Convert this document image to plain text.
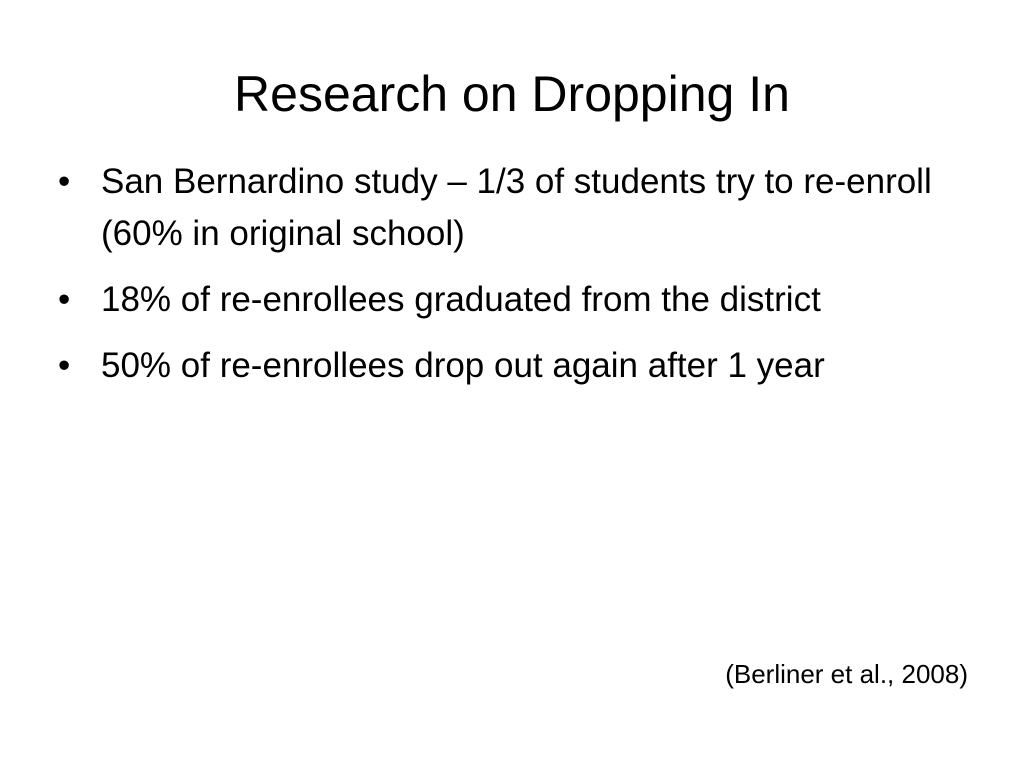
Research on Dropping In
• San Bernardino study – 1/3 of students try to re-enroll (60% in original school)
• 18% of re-enrollees graduated from the district
• 50% of re-enrollees drop out again after 1 year
(Berliner et al., 2008)
